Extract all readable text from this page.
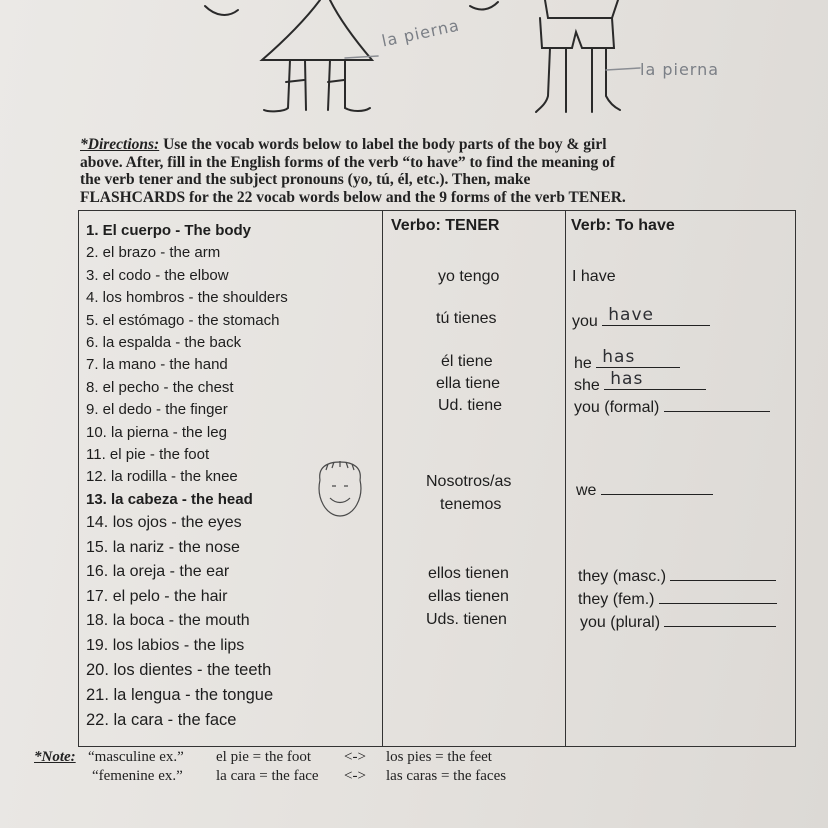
la pierna
la pierna
*Directions: Use the vocab words below to label the body parts of the boy & girl
above. After, fill in the English forms of the verb “to have” to find the meaning of
the verb tener and the subject pronouns (yo, tú, él, etc.). Then, make
FLASHCARDS for the 22 vocab words below and the 9 forms of the verb TENER.
1. El cuerpo - The body
2. el brazo - the arm
3. el codo - the elbow
4. los hombros - the shoulders
5. el estómago - the stomach
6. la espalda - the back
7. la mano - the hand
8. el pecho - the chest
9. el dedo - the finger
10. la pierna - the leg
11. el pie - the foot
12. la rodilla - the knee
13. la cabeza - the head
14. los ojos - the eyes
15. la nariz - the nose
16. la oreja - the ear
17. el pelo - the hair
18. la boca - the mouth
19. los labios - the lips
20. los dientes - the teeth
21. la lengua - the tongue
22. la cara - the face
Verbo: TENER	Verb: To have
yo tengo
tú tienes
él tiene
ella tiene
Ud. tiene
Nosotros/as
tenemos
ellos tienen
ellas tienen
Uds. tienen
I have
you have
he has
she has
you (formal)
we
they (masc.)
they (fem.)
you (plural)
*Note: “masculine ex.” el pie = the foot <-> los pies = the feet
“femenine ex.” la cara = the face <-> las caras = the faces
